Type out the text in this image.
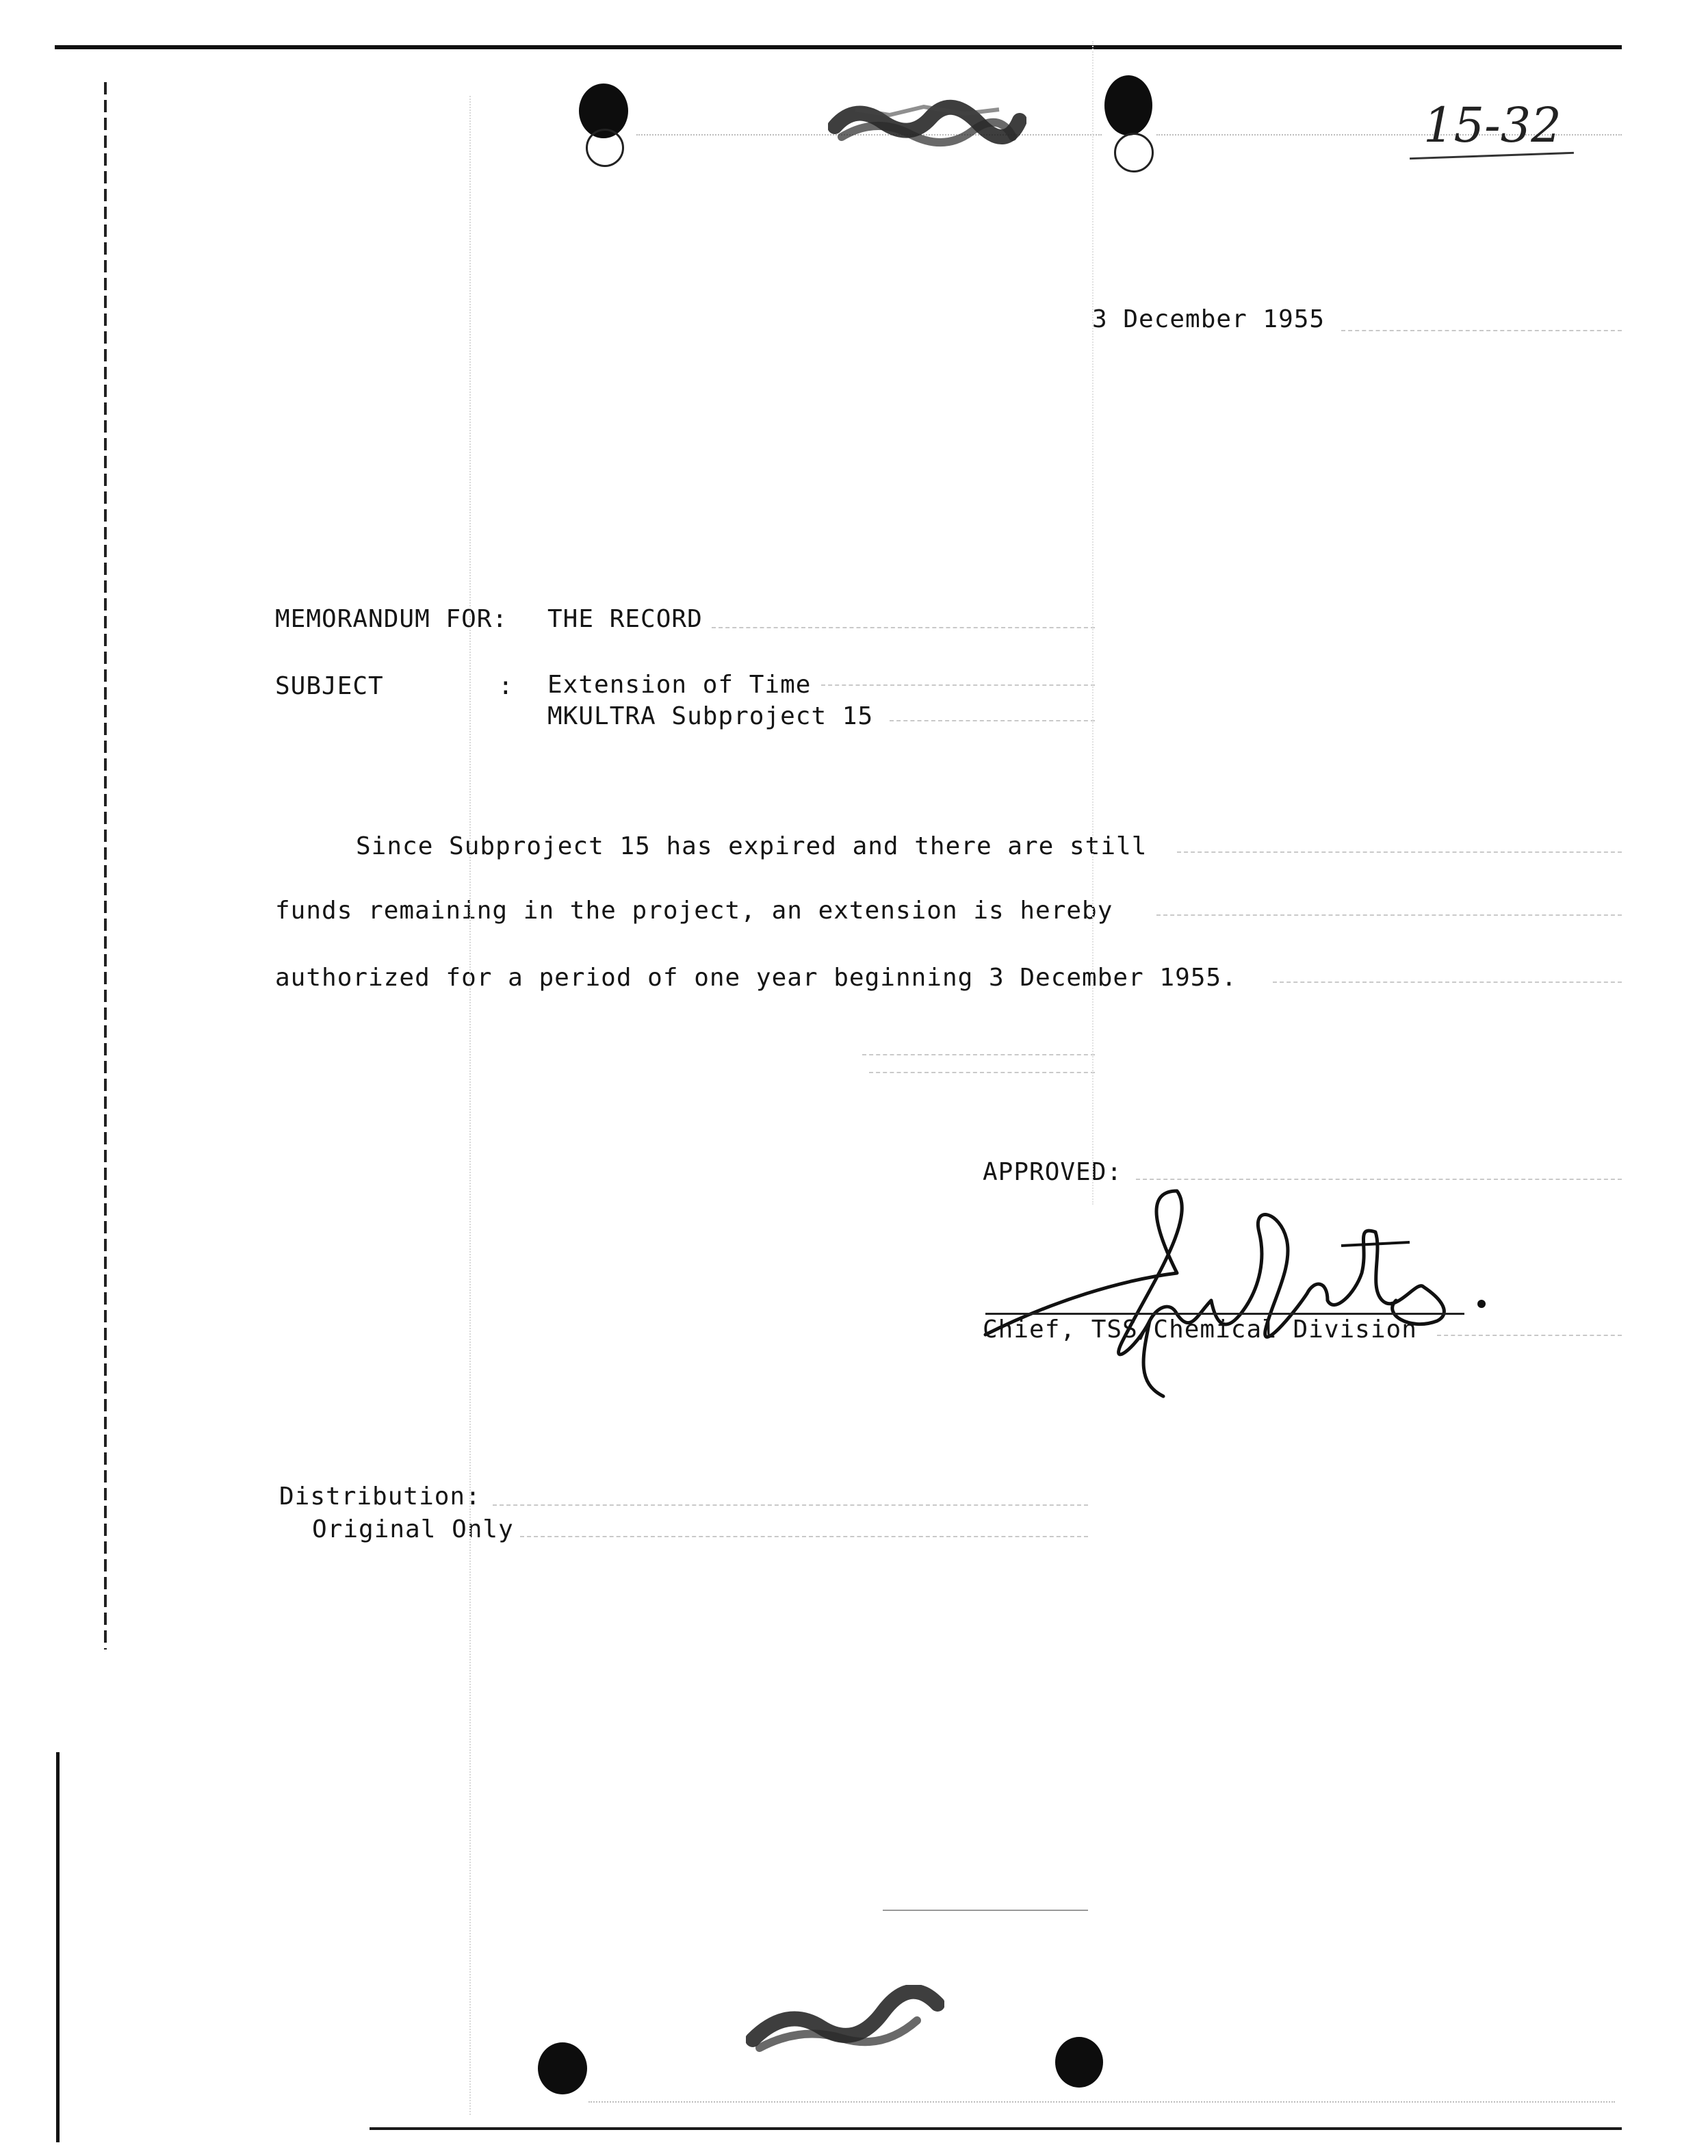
15-32
3 December 1955
MEMORANDUM FOR: THE RECORD
SUBJECT	: Extension of Time
MKULTRA Subproject 15
Since Subproject 15 has expired and there are still
funds remaining in the project, an extension is hereby
authorized for a period of one year beginning 3 December 1955.
APPROVED:
Chief, TSS/Chemical Division
Distribution:
Original Only
